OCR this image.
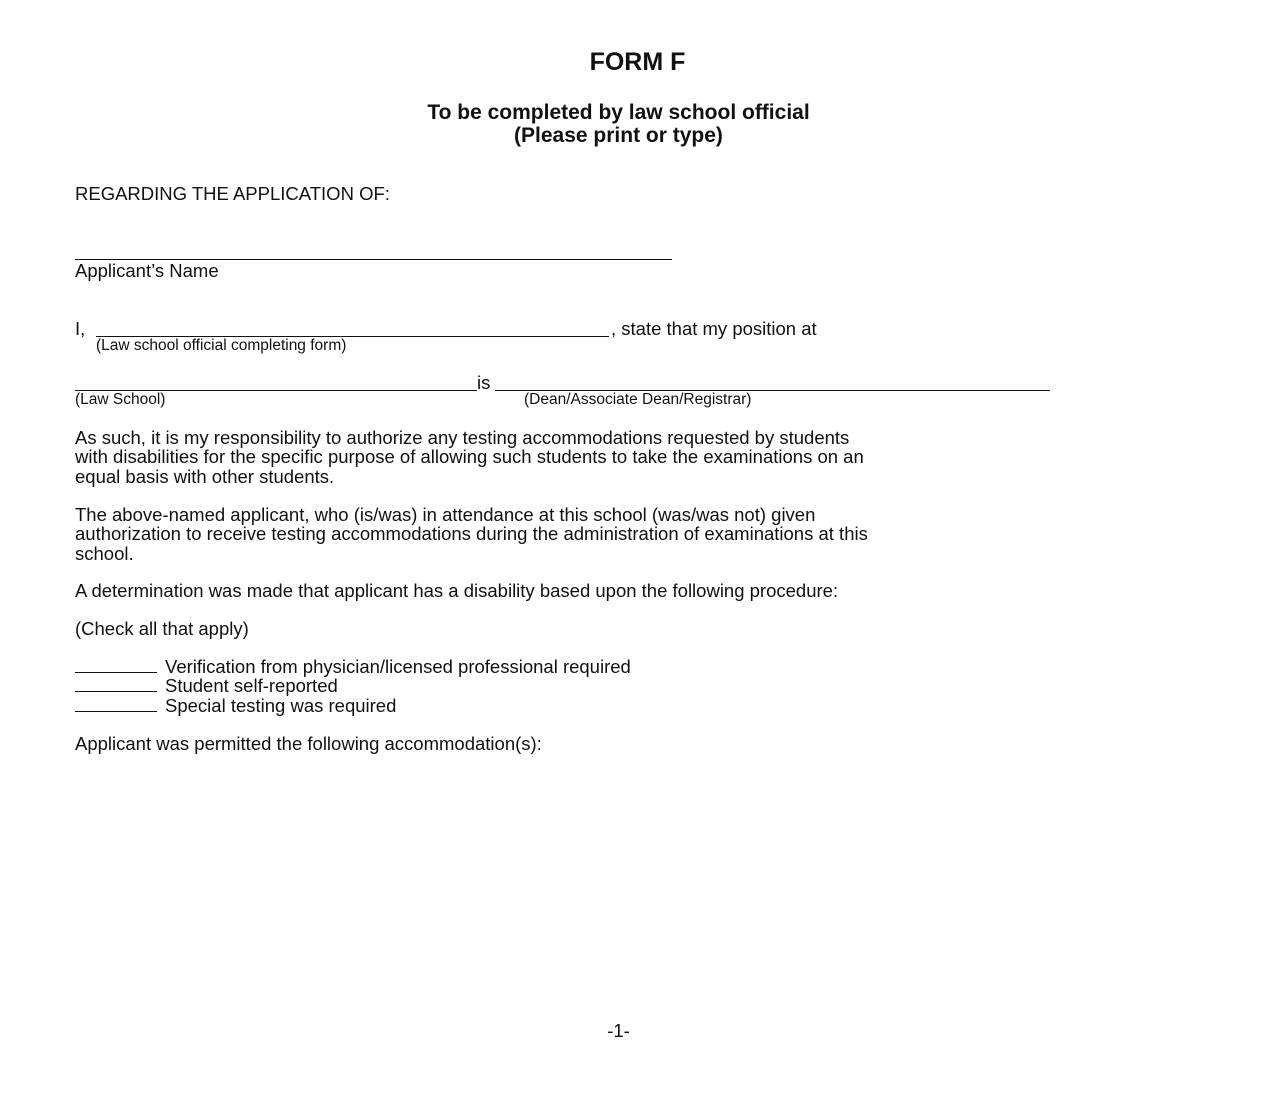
FORM F
To be completed by law school official
(Please print or type)
REGARDING THE APPLICATION OF:
Applicant’s Name
I,	, state that my position at
(Law school official completing form)
is
(Law School)	(Dean/Associate Dean/Registrar)
As such, it is my responsibility to authorize any testing accommodations requested by students
with disabilities for the specific purpose of allowing such students to take the examinations on an
equal basis with other students.
The above-named applicant, who (is/was) in attendance at this school (was/was not) given
authorization to receive testing accommodations during the administration of examinations at this
school.
A determination was made that applicant has a disability based upon the following procedure:
(Check all that apply)
Verification from physician/licensed professional required
Student self-reported
Special testing was required
Applicant was permitted the following accommodation(s):
-1-
